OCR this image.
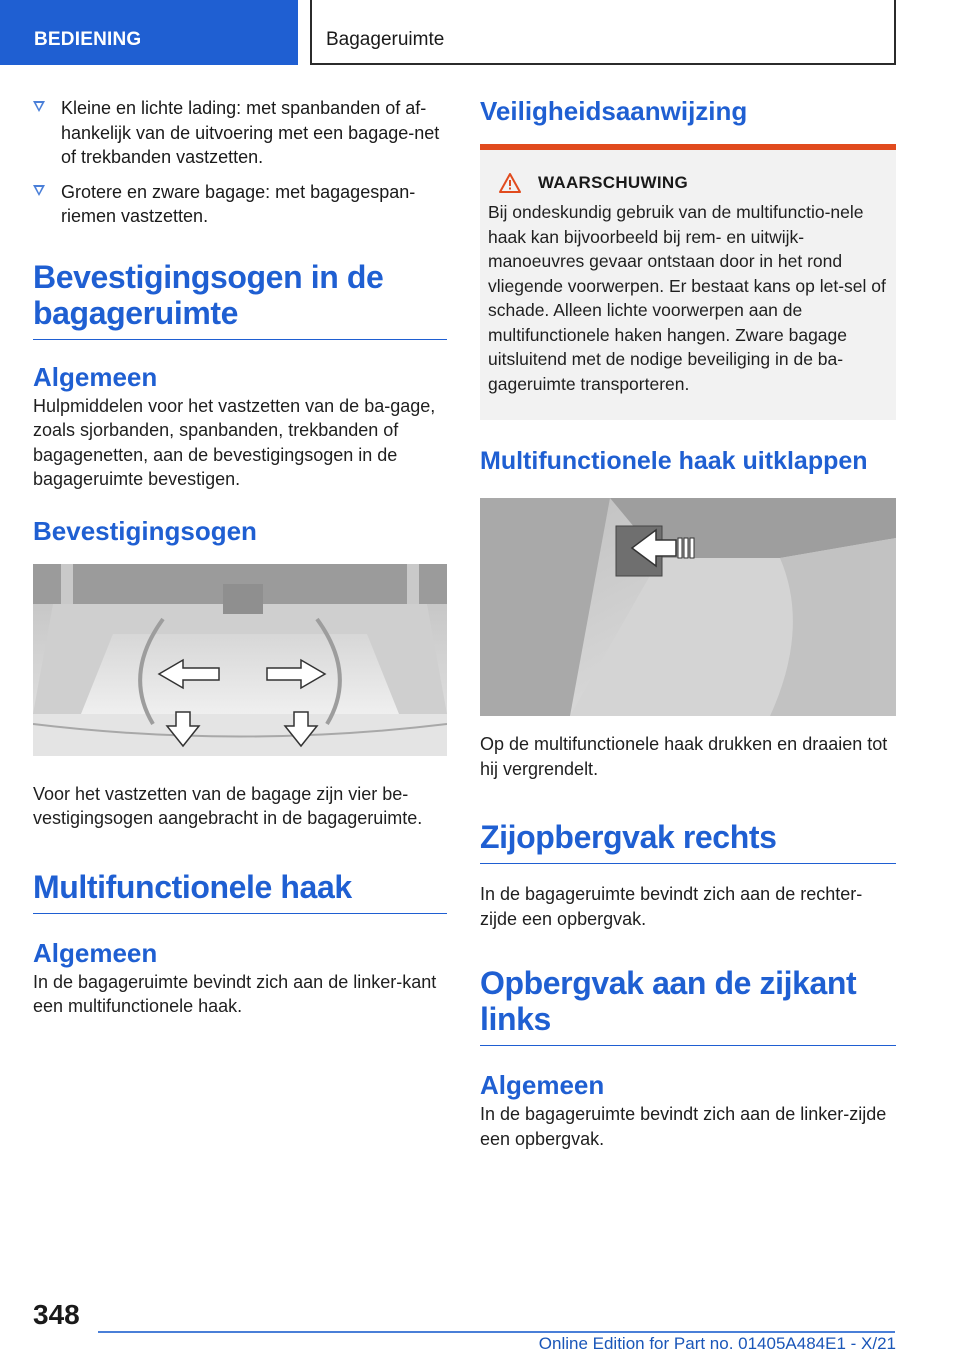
BEDIENING	Bagageruimte
Kleine en lichte lading: met spanbanden of af-hankelijk van de uitvoering met een bagage-net of trekbanden vastzetten.
Grotere en zware bagage: met bagagespan-riemen vastzetten.
Bevestigingsogen in de bagageruimte
Algemeen
Hulpmiddelen voor het vastzetten van de ba-gage, zoals sjorbanden, spanbanden, trekbanden of bagagenetten, aan de bevestigingsogen in de bagageruimte bevestigen.
Bevestigingsogen
Voor het vastzetten van de bagage zijn vier be-vestigingsogen aangebracht in de bagageruimte.
Multifunctionele haak
Algemeen
In de bagageruimte bevindt zich aan de linker-kant een multifunctionele haak.
Veiligheidsaanwijzing
WAARSCHUWING
Bij ondeskundig gebruik van de multifunctio-nele haak kan bijvoorbeeld bij rem- en uitwijk-manoeuvres gevaar ontstaan door in het rond vliegende voorwerpen. Er bestaat kans op let-sel of schade. Alleen lichte voorwerpen aan de multifunctionele haken hangen. Zware bagage uitsluitend met de nodige beveiliging in de ba-gageruimte transporteren.
Multifunctionele haak uitklappen
Op de multifunctionele haak drukken en draaien tot hij vergrendelt.
Zijopbergvak rechts
In de bagageruimte bevindt zich aan de rechter-zijde een opbergvak.
Opbergvak aan de zijkant links
Algemeen
In de bagageruimte bevindt zich aan de linker-zijde een opbergvak.
348
Online Edition for Part no. 01405A484E1 - X/21
